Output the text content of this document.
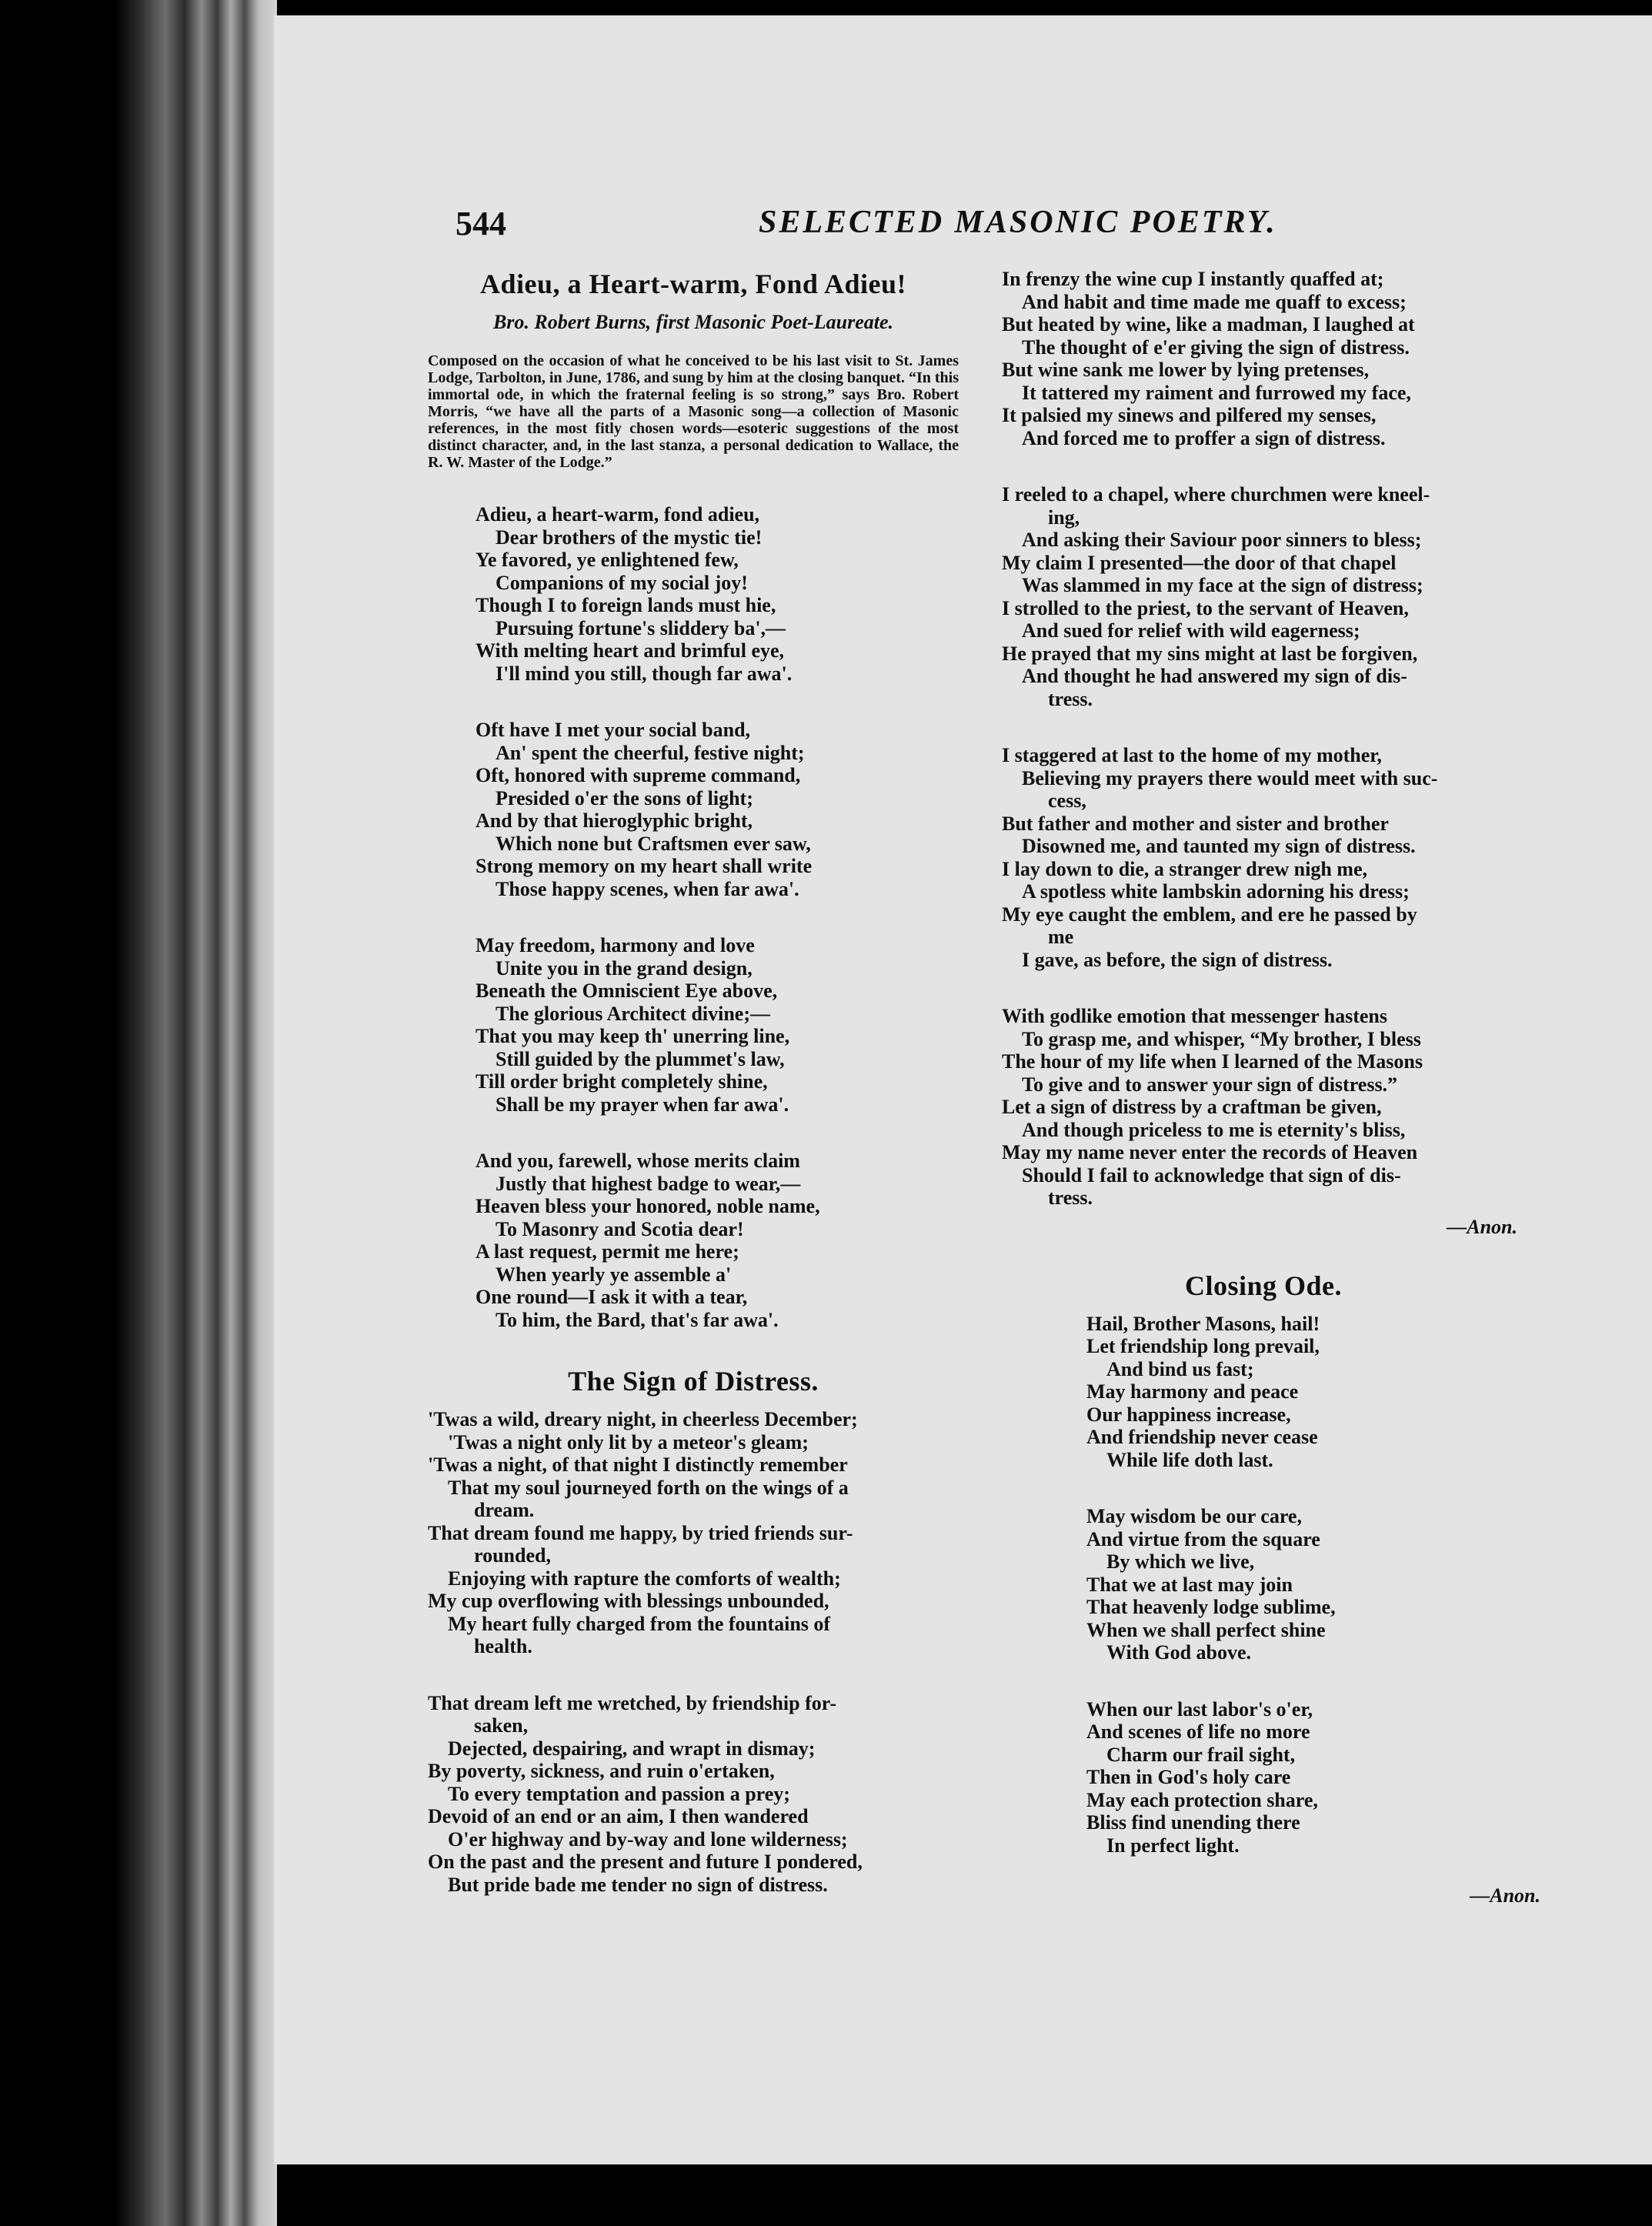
544	SELECTED MASONIC POETRY.
Adieu, a Heart-warm, Fond Adieu!
Bro. Robert Burns, first Masonic Poet-Laureate.
Composed on the occasion of what he conceived to be his last visit to St. James Lodge, Tarbolton, in June, 1786, and sung by him at the closing banquet. “In this immortal ode, in which the fraternal feeling is so strong,” says Bro. Robert Morris, “we have all the parts of a Masonic song—a collection of Masonic references, in the most fitly chosen words—esoteric suggestions of the most distinct character, and, in the last stanza, a personal dedication to Wallace, the R. W. Master of the Lodge.”
Adieu, a heart-warm, fond adieu,
Dear brothers of the mystic tie!
Ye favored, ye enlightened few,
Companions of my social joy!
Though I to foreign lands must hie,
Pursuing fortune's sliddery ba',—
With melting heart and brimful eye,
I'll mind you still, though far awa'.
Oft have I met your social band,
An' spent the cheerful, festive night;
Oft, honored with supreme command,
Presided o'er the sons of light;
And by that hieroglyphic bright,
Which none but Craftsmen ever saw,
Strong memory on my heart shall write
Those happy scenes, when far awa'.
May freedom, harmony and love
Unite you in the grand design,
Beneath the Omniscient Eye above,
The glorious Architect divine;—
That you may keep th' unerring line,
Still guided by the plummet's law,
Till order bright completely shine,
Shall be my prayer when far awa'.
And you, farewell, whose merits claim
Justly that highest badge to wear,—
Heaven bless your honored, noble name,
To Masonry and Scotia dear!
A last request, permit me here;
When yearly ye assemble a'
One round—I ask it with a tear,
To him, the Bard, that's far awa'.
The Sign of Distress.
'Twas a wild, dreary night, in cheerless December;
'Twas a night only lit by a meteor's gleam;
'Twas a night, of that night I distinctly remember
That my soul journeyed forth on the wings of a
dream.
That dream found me happy, by tried friends sur-
rounded,
Enjoying with rapture the comforts of wealth;
My cup overflowing with blessings unbounded,
My heart fully charged from the fountains of
health.
That dream left me wretched, by friendship for-
saken,
Dejected, despairing, and wrapt in dismay;
By poverty, sickness, and ruin o'ertaken,
To every temptation and passion a prey;
Devoid of an end or an aim, I then wandered
O'er highway and by-way and lone wilderness;
On the past and the present and future I pondered,
But pride bade me tender no sign of distress.
In frenzy the wine cup I instantly quaffed at;
And habit and time made me quaff to excess;
But heated by wine, like a madman, I laughed at
The thought of e'er giving the sign of distress.
But wine sank me lower by lying pretenses,
It tattered my raiment and furrowed my face,
It palsied my sinews and pilfered my senses,
And forced me to proffer a sign of distress.
I reeled to a chapel, where churchmen were kneel-
ing,
And asking their Saviour poor sinners to bless;
My claim I presented—the door of that chapel
Was slammed in my face at the sign of distress;
I strolled to the priest, to the servant of Heaven,
And sued for relief with wild eagerness;
He prayed that my sins might at last be forgiven,
And thought he had answered my sign of dis-
tress.
I staggered at last to the home of my mother,
Believing my prayers there would meet with suc-
cess,
But father and mother and sister and brother
Disowned me, and taunted my sign of distress.
I lay down to die, a stranger drew nigh me,
A spotless white lambskin adorning his dress;
My eye caught the emblem, and ere he passed by
me
I gave, as before, the sign of distress.
With godlike emotion that messenger hastens
To grasp me, and whisper, “My brother, I bless
The hour of my life when I learned of the Masons
To give and to answer your sign of distress.”
Let a sign of distress by a craftman be given,
And though priceless to me is eternity's bliss,
May my name never enter the records of Heaven
Should I fail to acknowledge that sign of dis-
tress.
—Anon.
Closing Ode.
Hail, Brother Masons, hail!
Let friendship long prevail,
And bind us fast;
May harmony and peace
Our happiness increase,
And friendship never cease
While life doth last.
May wisdom be our care,
And virtue from the square
By which we live,
That we at last may join
That heavenly lodge sublime,
When we shall perfect shine
With God above.
When our last labor's o'er,
And scenes of life no more
Charm our frail sight,
Then in God's holy care
May each protection share,
Bliss find unending there
In perfect light.
—Anon.
